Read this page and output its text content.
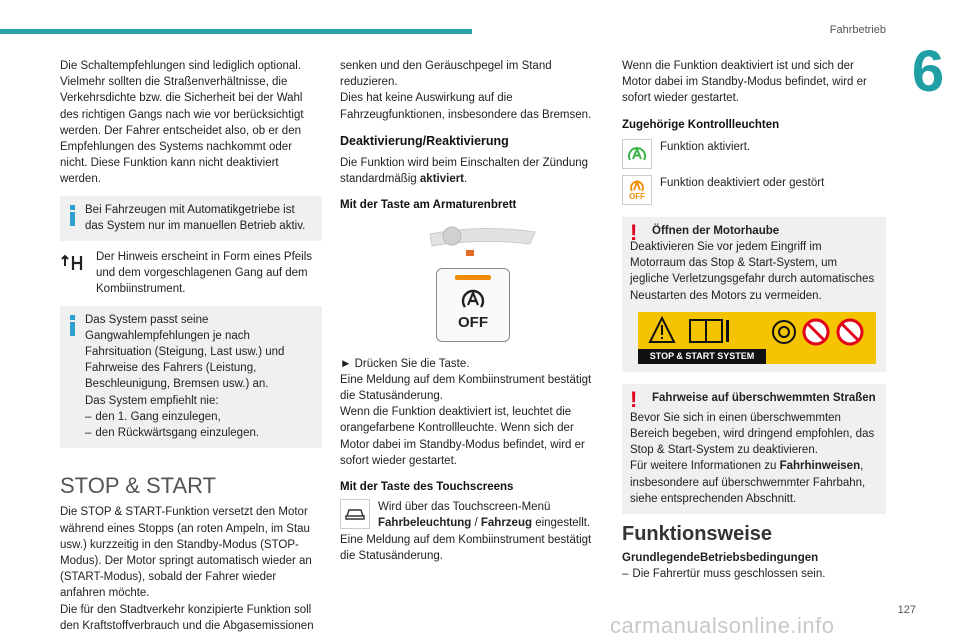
Fahrbetrieb
6

Die Schaltempfehlungen sind lediglich optional. Vielmehr sollten die Straßenverhältnisse, die Verkehrsdichte bzw. die Sicherheit bei der Wahl des richtigen Gangs nach wie vor berücksichtigt werden. Der Fahrer entscheidet also, ob er den Empfehlungen des Systems nachkommt oder nicht. Diese Funktion kann nicht deaktiviert werden.

Bei Fahrzeugen mit Automatikgetriebe ist das System nur im manuellen Betrieb aktiv.

Der Hinweis erscheint in Form eines Pfeils und dem vorgeschlagenen Gang auf dem Kombiinstrument.

Das System passt seine Gangwahlempfehlungen je nach Fahrsituation (Steigung, Last usw.) und Fahrweise des Fahrers (Leistung, Beschleunigung, Bremsen usw.) an.

Das System empfiehlt nie:

– den 1. Gang einzulegen,
– den Rückwärtsgang einzulegen.
STOP & START

Die STOP & START-Funktion versetzt den Motor während eines Stopps (an roten Ampeln, im Stau usw.) kurzzeitig in den Standby-Modus (STOP-Modus). Der Motor springt automatisch wieder an (START-Modus), sobald der Fahrer wieder anfahren möchte.

Die für den Stadtverkehr konzipierte Funktion soll den Kraftstoffverbrauch und die Abgasemissionen

senken und den Geräuschpegel im Stand reduzieren.

Dies hat keine Auswirkung auf die Fahrzeugfunktionen, insbesondere das Bremsen.

Deaktivierung/Reaktivierung

Die Funktion wird beim Einschalten der Zündung standardmäßig aktiviert.

Mit der Taste am Armaturenbrett
OFF

► Drücken Sie die Taste.

Eine Meldung auf dem Kombiinstrument bestätigt die Statusänderung.

Wenn die Funktion deaktiviert ist, leuchtet die orangefarbene Kontrollleuchte. Wenn sich der Motor dabei im Standby-Modus befindet, wird er sofort wieder gestartet.

Mit der Taste des Touchscreens

Wird über das Touchscreen-Menü Fahrbeleuchtung / Fahrzeug eingestellt.

Eine Meldung auf dem Kombiinstrument bestätigt die Statusänderung.

Wenn die Funktion deaktiviert ist und sich der Motor dabei im Standby-Modus befindet, wird er sofort wieder gestartet.

Zugehörige Kontrollleuchten

Funktion aktiviert.

OFF

Funktion deaktiviert oder gestört

!	Öffnen der Motorhaube

Deaktivieren Sie vor jedem Eingriff im Motorraum das Stop & Start-System, um jegliche Verletzungsgefahr durch automatisches Neustarten des Motors zu vermeiden.

STOP & START SYSTEM
!	Fahrweise auf überschwemmten Straßen

Bevor Sie sich in einen überschwemmten Bereich begeben, wird dringend empfohlen, das Stop & Start-System zu deaktivieren.

Für weitere Informationen zu Fahrhinweisen, insbesondere auf überschwemmter Fahrbahn, siehe entsprechenden Abschnitt.

Funktionsweise
GrundlegendeBetriebsbedingungen
– Die Fahrertür muss geschlossen sein.
carmanualsonline.info
127
